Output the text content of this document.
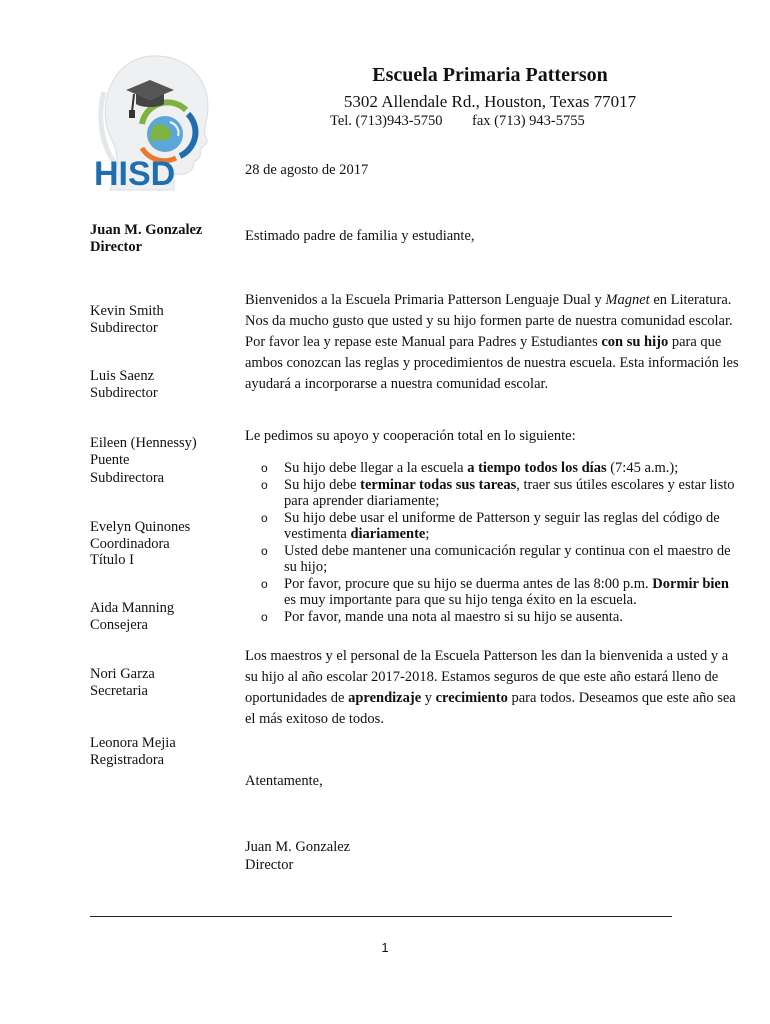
HISD
Escuela Primaria Patterson
5302 Allendale Rd., Houston, Texas 77017
Tel. (713)943-5750 fax (713) 943-5755
28 de agosto de 2017
Juan M. Gonzalez
Director
Kevin Smith
Subdirector
Luis Saenz
Subdirector
Eileen (Hennessy)
Puente
Subdirectora
Evelyn Quinones
Coordinadora
Título I
Aida Manning
Consejera
Nori Garza
Secretaria
Leonora Mejia
Registradora
Estimado padre de familia y estudiante,
Bienvenidos a la Escuela Primaria Patterson Lenguaje Dual y Magnet en Literatura. Nos da mucho gusto que usted y su hijo formen parte de nuestra comunidad escolar. Por favor lea y repase este Manual para Padres y Estudiantes con su hijo para que ambos conozcan las reglas y procedimientos de nuestra escuela. Esta información les ayudará a incorporarse a nuestra comunidad escolar.
Le pedimos su apoyo y cooperación total en lo siguiente:
o Su hijo debe llegar a la escuela a tiempo todos los días (7:45 a.m.);
o Su hijo debe terminar todas sus tareas, traer sus útiles escolares y estar listo para aprender diariamente;
o Su hijo debe usar el uniforme de Patterson y seguir las reglas del código de vestimenta diariamente;
o Usted debe mantener una comunicación regular y continua con el maestro de su hijo;
o Por favor, procure que su hijo se duerma antes de las 8:00 p.m. Dormir bien es muy importante para que su hijo tenga éxito en la escuela.
o Por favor, mande una nota al maestro si su hijo se ausenta.
Los maestros y el personal de la Escuela Patterson les dan la bienvenida a usted y a su hijo al año escolar 2017-2018. Estamos seguros de que este año estará lleno de oportunidades de aprendizaje y crecimiento para todos. Deseamos que este año sea el más exitoso de todos.
Atentamente,
Juan M. Gonzalez
Director
1
